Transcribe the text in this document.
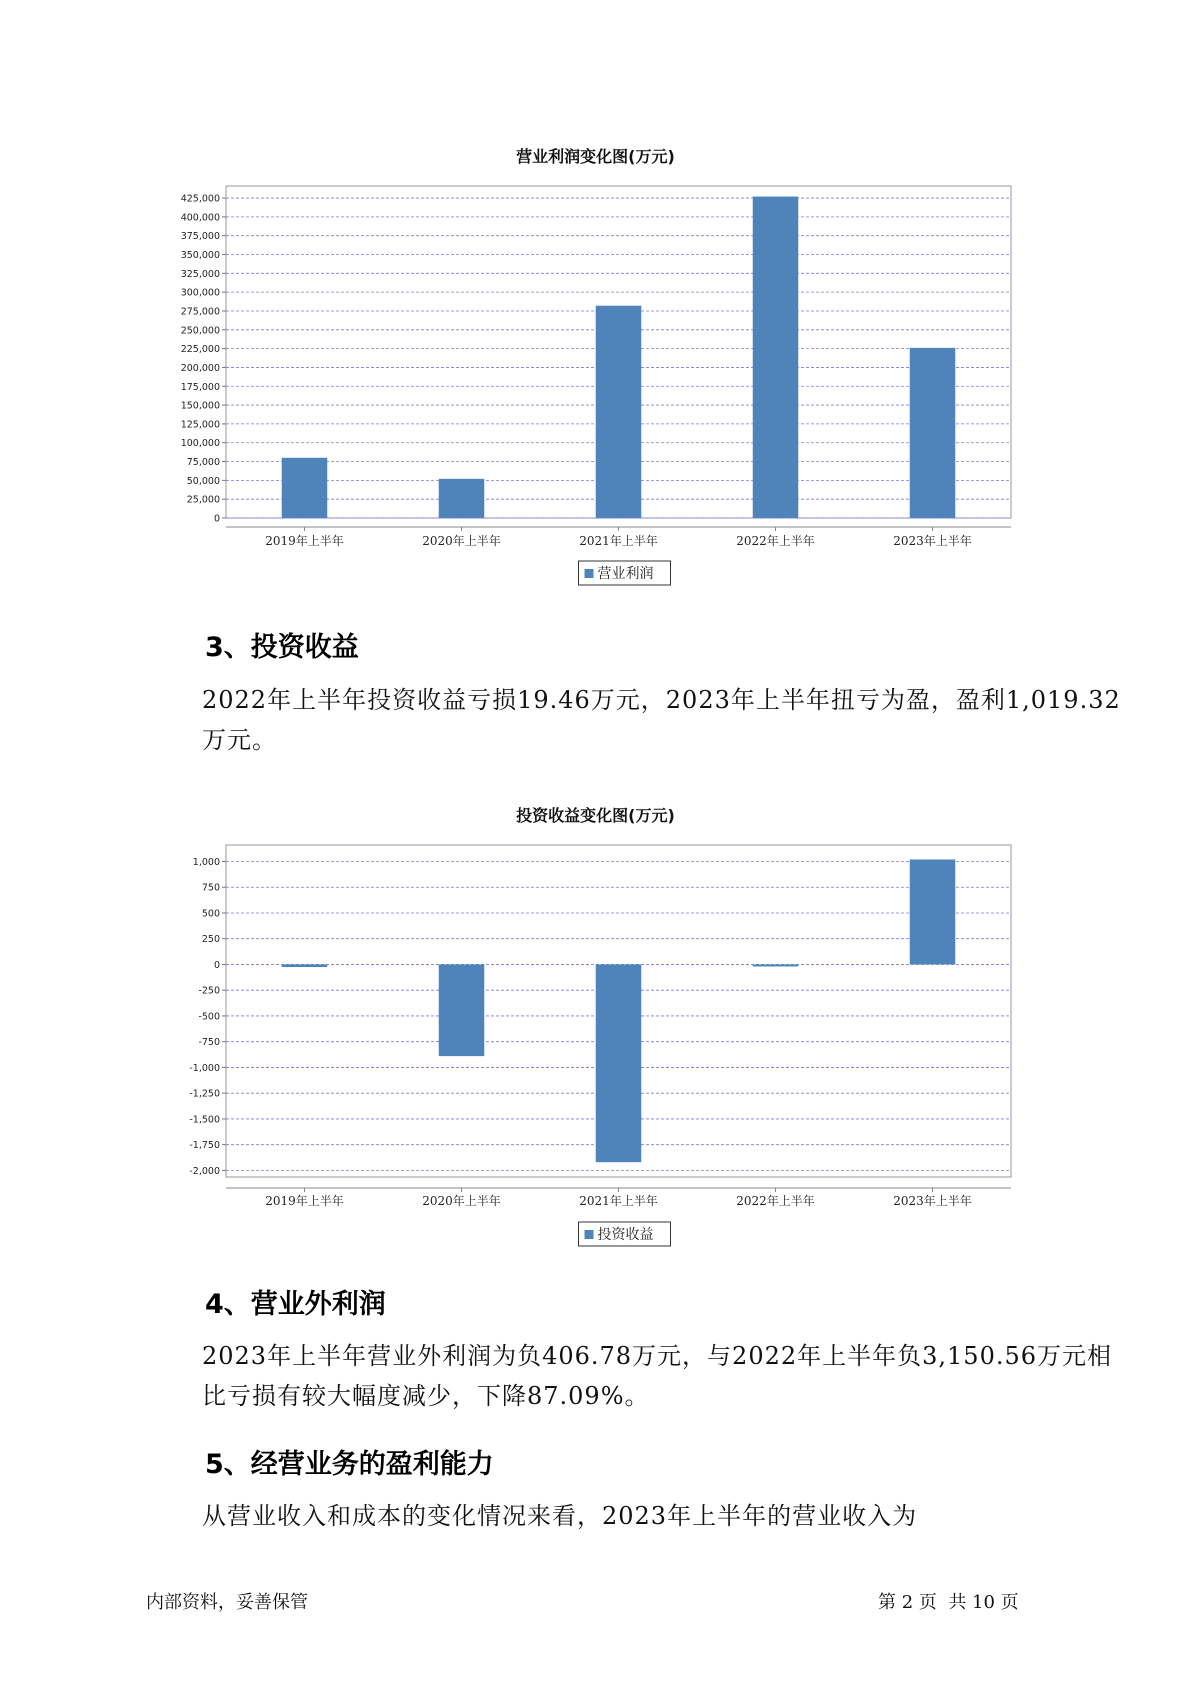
营业利润变化图(万元)
0
25,000
50,000
75,000
100,000
125,000
150,000
175,000
200,000
225,000
250,000
275,000
300,000
325,000
350,000
375,000
400,000
425,000
2019年上半年	2020年上半年	2021年上半年	2022年上半年	2023年上半年
营业利润
3、投资收益
2022年上半年投资收益亏损19.46万元，2023年上半年扭亏为盈，盈利1,019.32万元。
投资收益变化图(万元)
-2,000
-1,750
-1,500
-1,250
-1,000
-750
-500
-250
0
250
500
750
1,000
2019年上半年	2020年上半年	2021年上半年	2022年上半年	2023年上半年
投资收益
4、营业外利润
2023年上半年营业外利润为负406.78万元，与2022年上半年负3,150.56万元相比亏损有较大幅度减少，下降87.09%。
5、经营业务的盈利能力
从营业收入和成本的变化情况来看，2023年上半年的营业收入为
内部资料，妥善保管	第 2 页  共 10 页
